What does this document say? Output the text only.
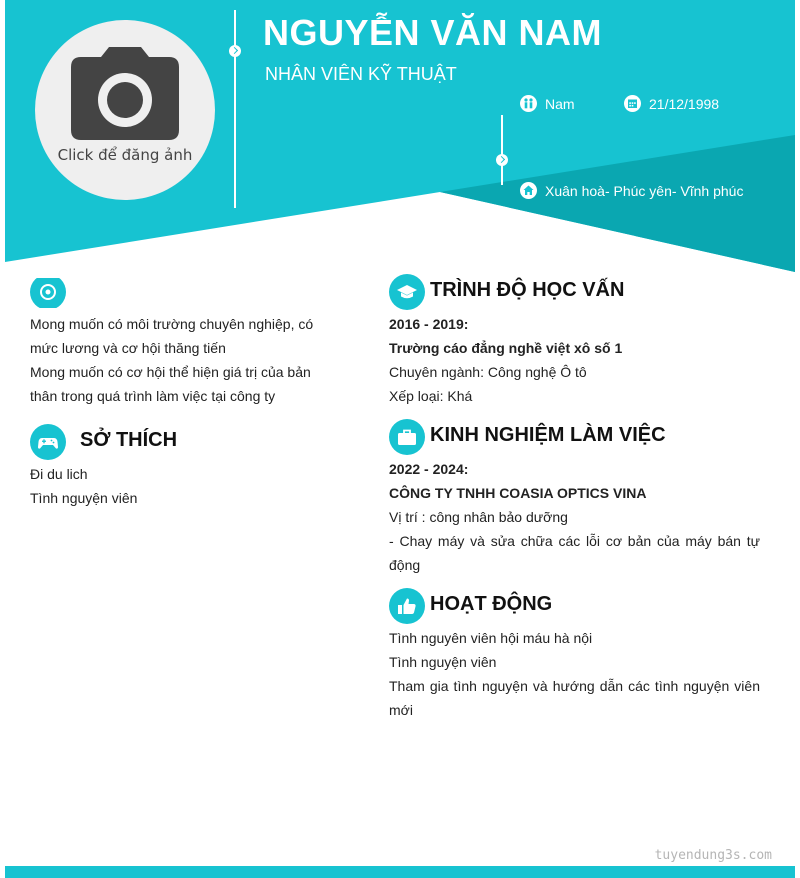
Click để đăng ảnh
NGUYỄN VĂN NAM
NHÂN VIÊN KỸ THUẬT
Nam	21/12/1998
Xuân hoà- Phúc yên- Vĩnh phúc

Mong muốn có môi trường chuyên nghiệp, có mức lương và cơ hội thăng tiến

Mong muốn có cơ hội thể hiện giá trị của bản thân trong quá trình làm việc tại công ty

SỞ THÍCH

Đi du lich

Tình nguyện viên

TRÌNH ĐỘ HỌC VẤN

2016 - 2019:

Trường cáo đẳng nghề việt xô số 1

Chuyên ngành: Công nghệ Ô tô

Xếp loại: Khá

KINH NGHIỆM LÀM VIỆC

2022 - 2024:

CÔNG TY TNHH COASIA OPTICS VINA

Vị trí : công nhân bảo dưỡng

- Chay máy và sửa chữa các lỗi cơ bản của máy bán tự động

HOẠT ĐỘNG

Tình nguyên viên hội máu hà nội

Tình nguyện viên

Tham gia tình nguyện và hướng dẫn các tình nguyện viên mới

tuyendung3s.com
